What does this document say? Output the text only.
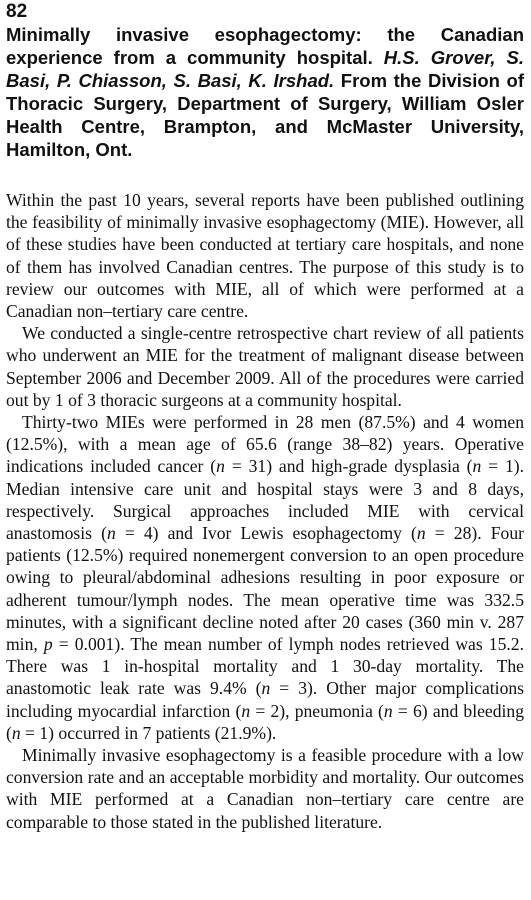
82

Minimally invasive esophagectomy: the Canadian experience from a community hospital. H.S. Grover, S. Basi, P. Chiasson, S. Basi, K. Irshad. From the Division of Thoracic Surgery, Department of Surgery, William Osler Health Centre, Brampton, and McMaster University, Hamilton, Ont.

Within the past 10 years, several reports have been published outlining the feasibility of minimally invasive esophagectomy (MIE). However, all of these studies have been conducted at tertiary care hospitals, and none of them has involved Canadian centres. The purpose of this study is to review our outcomes with MIE, all of which were performed at a Canadian non–tertiary care centre.

We conducted a single-centre retrospective chart review of all patients who underwent an MIE for the treatment of malignant disease between September 2006 and December 2009. All of the procedures were carried out by 1 of 3 thoracic surgeons at a community hospital.

Thirty-two MIEs were performed in 28 men (87.5%) and 4 women (12.5%), with a mean age of 65.6 (range 38–82) years. Operative indications included cancer (n = 31) and high-grade dysplasia (n = 1). Median intensive care unit and hospital stays were 3 and 8 days, respectively. Surgical approaches included MIE with cervical anastomosis (n = 4) and Ivor Lewis esophagectomy (n = 28). Four patients (12.5%) required nonemergent conversion to an open procedure owing to pleural/abdominal adhesions resulting in poor exposure or adherent tumour/lymph nodes. The mean operative time was 332.5 minutes, with a significant decline noted after 20 cases (360 min v. 287 min, p = 0.001). The mean number of lymph nodes retrieved was 15.2. There was 1 in-hospital mortality and 1 30-day mortality. The anastomotic leak rate was 9.4% (n = 3). Other major complications including myocardial infarction (n = 2), pneumonia (n = 6) and bleeding (n = 1) occurred in 7 patients (21.9%).

Minimally invasive esophagectomy is a feasible procedure with a low conversion rate and an acceptable morbidity and mortality. Our outcomes with MIE performed at a Canadian non–tertiary care centre are comparable to those stated in the published literature.
